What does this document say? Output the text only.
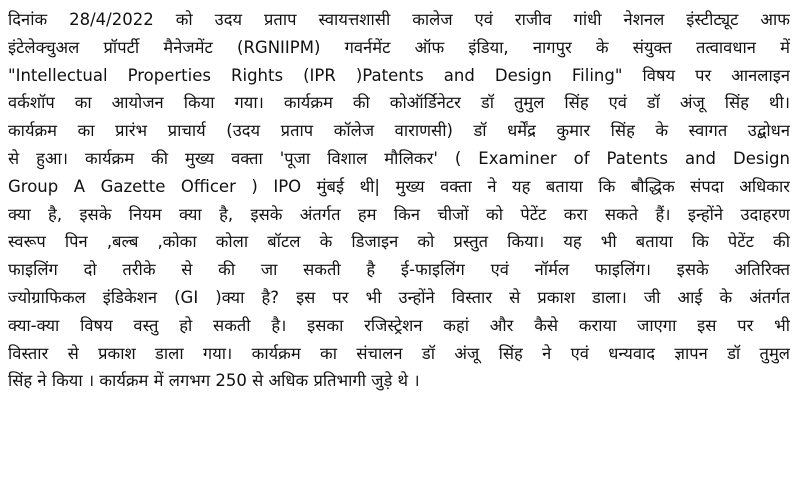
दिनांक 28/4/2022 को उदय प्रताप स्वायत्तशासी कालेज एवं राजीव गांधी नेशनल इंस्टीट्यूट आफ
इंटेलेक्चुअल प्रॉपर्टी मैनेजमेंट (RGNIIPM) गवर्नमेंट ऑफ इंडिया, नागपुर के संयुक्त तत्वावधान में
"Intellectual Properties Rights (IPR )Patents and Design Filing" विषय पर आनलाइन
वर्कशॉप का आयोजन किया गया। कार्यक्रम की कोऑर्डिनेटर डॉ तुमुल सिंह एवं डॉ अंजू सिंह थी।
कार्यक्रम का प्रारंभ प्राचार्य (उदय प्रताप कॉलेज वाराणसी) डॉ धर्मेंद्र कुमार सिंह के स्वागत उद्बोधन
से हुआ। कार्यक्रम की मुख्य वक्ता 'पूजा विशाल मौलिकर' ( Examiner of Patents and Design
Group A Gazette Officer ) IPO मुंबई थी| मुख्य वक्ता ने यह बताया कि बौद्धिक संपदा अधिकार
क्या है, इसके नियम क्या है, इसके अंतर्गत हम किन चीजों को पेटेंट करा सकते हैं। इन्होंने उदाहरण
स्वरूप पिन ,बल्ब ,कोका कोला बॉटल के डिजाइन को प्रस्तुत किया। यह भी बताया कि पेटेंट की
फाइलिंग दो तरीके से की जा सकती है ई-फाइलिंग एवं नॉर्मल फाइलिंग। इसके अतिरिक्त
ज्योग्राफिकल इंडिकेशन (GI )क्या है? इस पर भी उन्होंने विस्तार से प्रकाश डाला। जी आई के अंतर्गत
क्या-क्या विषय वस्तु हो सकती है। इसका रजिस्ट्रेशन कहां और कैसे कराया जाएगा इस पर भी
विस्तार से प्रकाश डाला गया। कार्यक्रम का संचालन डॉ अंजू सिंह ने एवं धन्यवाद ज्ञापन डॉ तुमुल
सिंह ने किया । कार्यक्रम में लगभग 250 से अधिक प्रतिभागी जुड़े थे ।
